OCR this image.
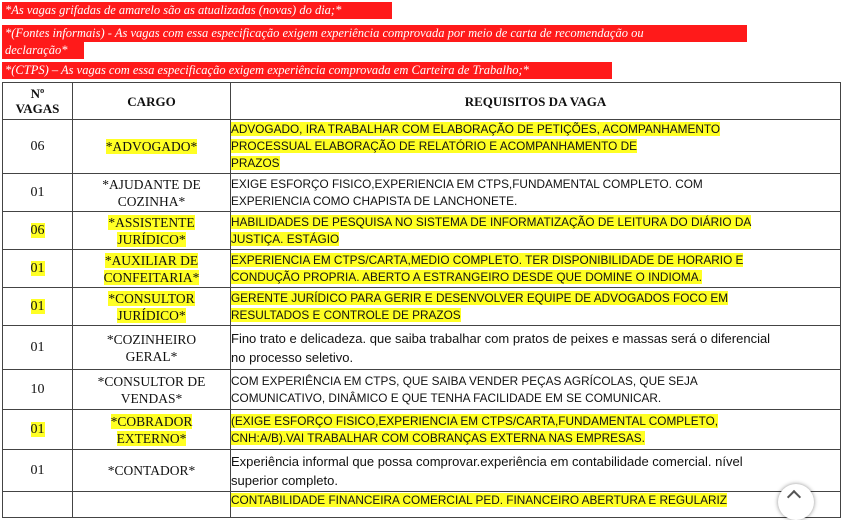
*As vagas grifadas de amarelo são as atualizadas (novas) do dia;*
*(Fontes informais) - As vagas com essa especificação exigem experiência comprovada por meio de carta de recomendação ou
declaração*
*(CTPS) – As vagas com essa especificação exigem experiência comprovada em Carteira de Trabalho;*
Nº
VAGAS	CARGO	REQUISITOS DA VAGA
06	*ADVOGADO*	ADVOGADO, IRA TRABALHAR COM ELABORAÇÃO DE PETIÇÕES, ACOMPANHAMENTO
PROCESSUAL ELABORAÇÃO DE RELATÓRIO E ACOMPANHAMENTO DE
PRAZOS
01	*AJUDANTE DE
COZINHA*	EXIGE ESFORÇO FISICO,EXPERIENCIA EM CTPS,FUNDAMENTAL COMPLETO. COM
EXPERIENCIA COMO CHAPISTA DE LANCHONETE.
06	*ASSISTENTE
JURÍDICO*	HABILIDADES DE PESQUISA NO SISTEMA DE INFORMATIZAÇÃO DE LEITURA DO DIÁRIO DA
JUSTIÇA. ESTÁGIO
01	*AUXILIAR DE
CONFEITARIA*	EXPERIENCIA EM CTPS/CARTA,MEDIO COMPLETO. TER DISPONIBILIDADE DE HORARIO E
CONDUÇÃO PROPRIA. ABERTO A ESTRANGEIRO DESDE QUE DOMINE O INDIOMA.
01	*CONSULTOR
JURÍDICO*	GERENTE JURÍDICO PARA GERIR E DESENVOLVER EQUIPE DE ADVOGADOS FOCO EM
RESULTADOS E CONTROLE DE PRAZOS
01	*COZINHEIRO
GERAL*	Fino trato e delicadeza. que saiba trabalhar com pratos de peixes e massas será o diferencial
no processo seletivo.
10	*CONSULTOR DE
VENDAS*	COM EXPERIÊNCIA EM CTPS, QUE SAIBA VENDER PEÇAS AGRÍCOLAS, QUE SEJA
COMUNICATIVO, DINÂMICO E QUE TENHA FACILIDADE EM SE COMUNICAR.
01	*COBRADOR
EXTERNO*	(EXIGE ESFORÇO FISICO,EXPERIENCIA EM CTPS/CARTA,FUNDAMENTAL COMPLETO,
CNH:A/B).VAI TRABALHAR COM COBRANÇAS EXTERNA NAS EMPRESAS.
01	*CONTADOR*	Experiência informal que possa comprovar.experiência em contabilidade comercial. nível
superior completo.
		CONTABILIDADE FINANCEIRA COMERCIAL PED. FINANCEIRO ABERTURA E REGULARIZ
